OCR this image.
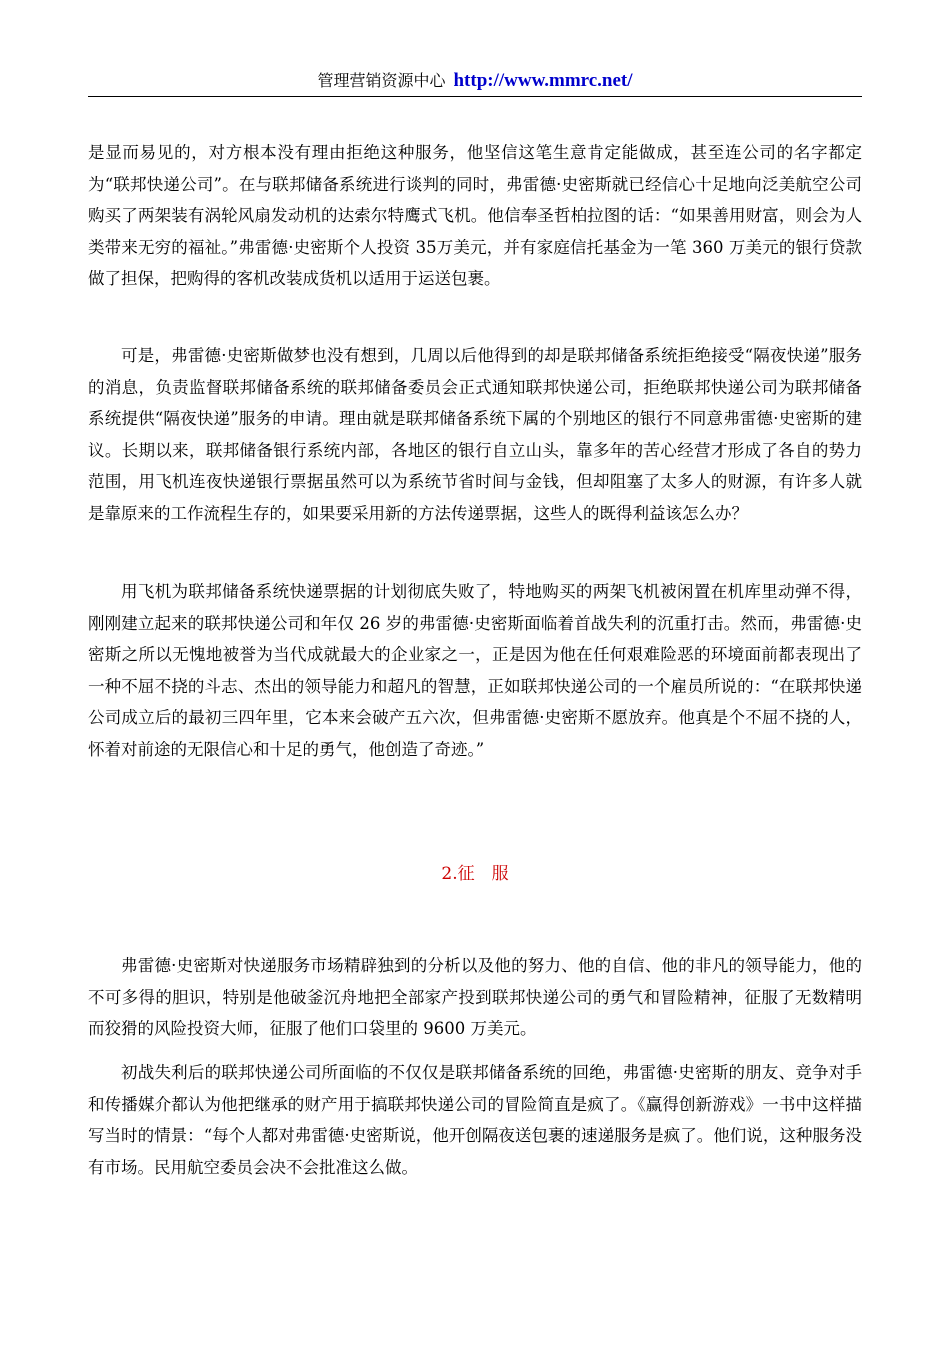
管理营销资源中心 http://www.mmrc.net/

是显而易见的，对方根本没有理由拒绝这种服务，他坚信这笔生意肯定能做成，甚至连公司的名字都定为“联邦快递公司”。在与联邦储备系统进行谈判的同时，弗雷德·史密斯就已经信心十足地向泛美航空公司购买了两架装有涡轮风扇发动机的达索尔特鹰式飞机。他信奉圣哲柏拉图的话：“如果善用财富，则会为人类带来无穷的福祉。”弗雷德·史密斯个人投资 35万美元，并有家庭信托基金为一笔 360 万美元的银行贷款做了担保，把购得的客机改装成货机以适用于运送包裹。

可是，弗雷德·史密斯做梦也没有想到，几周以后他得到的却是联邦储备系统拒绝接受“隔夜快递”服务的消息，负责监督联邦储备系统的联邦储备委员会正式通知联邦快递公司，拒绝联邦快递公司为联邦储备系统提供“隔夜快递”服务的申请。理由就是联邦储备系统下属的个别地区的银行不同意弗雷德·史密斯的建议。长期以来，联邦储备银行系统内部，各地区的银行自立山头，靠多年的苦心经营才形成了各自的势力范围，用飞机连夜快递银行票据虽然可以为系统节省时间与金钱，但却阻塞了太多人的财源，有许多人就是靠原来的工作流程生存的，如果要采用新的方法传递票据，这些人的既得利益该怎么办？

用飞机为联邦储备系统快递票据的计划彻底失败了，特地购买的两架飞机被闲置在机库里动弹不得，刚刚建立起来的联邦快递公司和年仅 26 岁的弗雷德·史密斯面临着首战失利的沉重打击。然而，弗雷德·史密斯之所以无愧地被誉为当代成就最大的企业家之一，正是因为他在任何艰难险恶的环境面前都表现出了一种不屈不挠的斗志、杰出的领导能力和超凡的智慧，正如联邦快递公司的一个雇员所说的：“在联邦快递公司成立后的最初三四年里，它本来会破产五六次，但弗雷德·史密斯不愿放弃。他真是个不屈不挠的人，怀着对前途的无限信心和十足的勇气，他创造了奇迹。”

2.征　服

弗雷德·史密斯对快递服务市场精辟独到的分析以及他的努力、他的自信、他的非凡的领导能力，他的不可多得的胆识，特别是他破釜沉舟地把全部家产投到联邦快递公司的勇气和冒险精神，征服了无数精明而狡猾的风险投资大师，征服了他们口袋里的 9600 万美元。

初战失利后的联邦快递公司所面临的不仅仅是联邦储备系统的回绝，弗雷德·史密斯的朋友、竞争对手和传播媒介都认为他把继承的财产用于搞联邦快递公司的冒险简直是疯了。《赢得创新游戏》一书中这样描写当时的情景：“每个人都对弗雷德·史密斯说，他开创隔夜送包裹的速递服务是疯了。他们说，这种服务没有市场。民用航空委员会决不会批准这么做。
